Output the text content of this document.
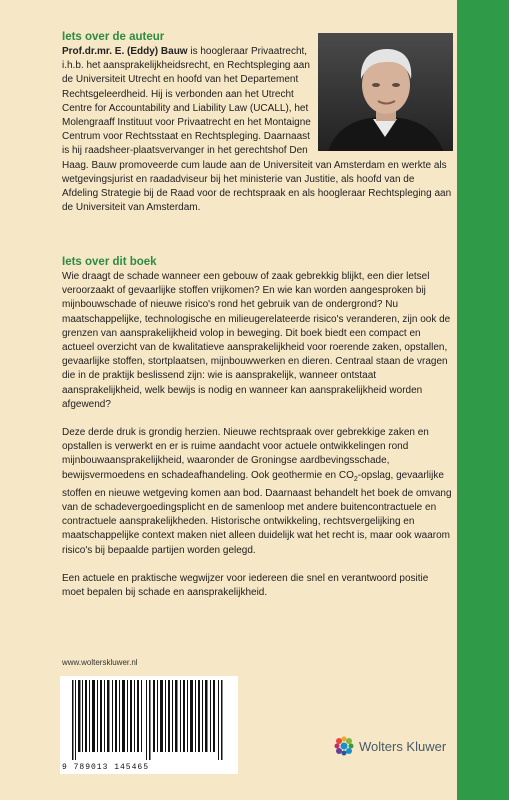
Iets over de auteur
Prof.dr.mr. E. (Eddy) Bauw is hoogleraar Privaatrecht, i.h.b. het aansprakelijkheidsrecht, en Rechtspleging aan de Universiteit Utrecht en hoofd van het Departement Rechtsgeleerdheid. Hij is verbonden aan het Utrecht Centre for Accountability and Liability Law (UCALL), het Molengraaff Instituut voor Privaatrecht en het Montaigne Centrum voor Rechtsstaat en Rechtspleging. Daarnaast is hij raadsheer-plaatsvervanger in het gerechtshof Den Haag. Bauw promoveerde cum laude aan de Universiteit van Amsterdam en werkte als wetgevingsjurist en raadadviseur bij het ministerie van Justitie, als hoofd van de Afdeling Strategie bij de Raad voor de rechtspraak en als hoogleraar Rechtspleging aan de Universiteit van Amsterdam.
Iets over dit boek

Wie draagt de schade wanneer een gebouw of zaak gebrekkig blijkt, een dier letsel veroorzaakt of gevaarlijke stoffen vrijkomen? En wie kan worden aangesproken bij mijnbouwschade of nieuwe risico's rond het gebruik van de ondergrond? Nu maatschappelijke, technologische en milieugerelateerde risico's veranderen, zijn ook de grenzen van aansprakelijkheid volop in beweging. Dit boek biedt een compact en actueel overzicht van de kwalitatieve aansprakelijkheid voor roerende zaken, opstallen, gevaarlijke stoffen, stortplaatsen, mijnbouwwerken en dieren. Centraal staan de vragen die in de praktijk beslissend zijn: wie is aansprakelijk, wanneer ontstaat aansprakelijkheid, welk bewijs is nodig en wanneer kan aansprakelijkheid worden afgewend?

Deze derde druk is grondig herzien. Nieuwe rechtspraak over gebrekkige zaken en opstallen is verwerkt en er is ruime aandacht voor actuele ontwikkelingen rond mijnbouwaansprakelijkheid, waaronder de Groningse aardbevingsschade, bewijsvermoedens en schadeafhandeling. Ook geothermie en $CO_2$-opslag, gevaarlijke stoffen en nieuwe wetgeving komen aan bod. Daarnaast behandelt het boek de omvang van de schadevergoedingsplicht en de samenloop met andere buitencontractuele en contractuele aansprakelijkheden. Historische ontwikkeling, rechtsvergelijking en maatschappelijke context maken niet alleen duidelijk wat het recht is, maar ook waarom risico's bij bepaalde partijen worden gelegd.

Een actuele en praktische wegwijzer voor iedereen die snel en verantwoord positie moet bepalen bij schade en aansprakelijkheid.

www.wolterskluwer.nl
9 789013 145465
Wolters Kluwer
